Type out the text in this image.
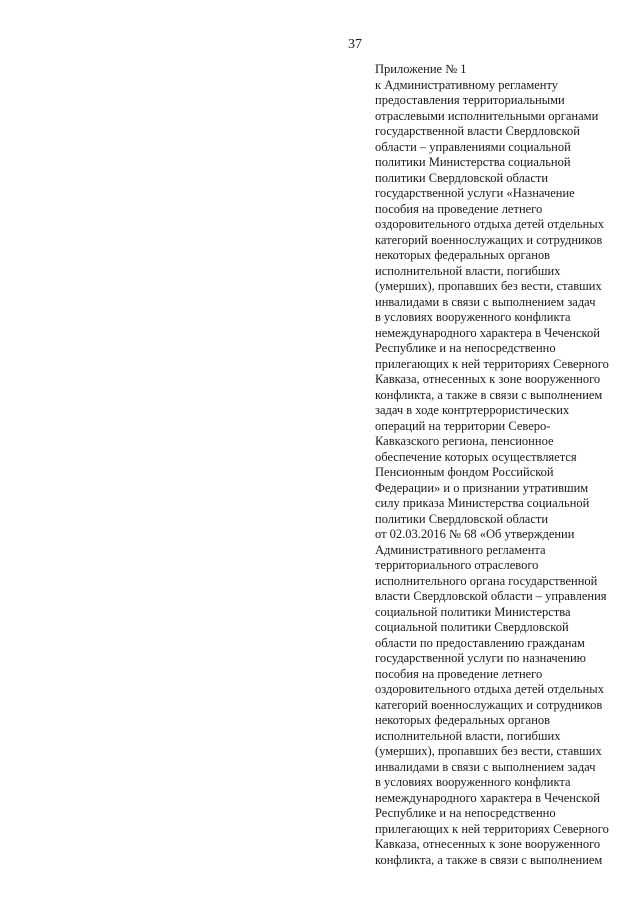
37
Приложение № 1
к Административному регламенту
предоставления территориальными
отраслевыми исполнительными органами
государственной власти Свердловской
области – управлениями социальной
политики Министерства социальной
политики Свердловской области
государственной услуги «Назначение
пособия на проведение летнего
оздоровительного отдыха детей отдельных
категорий военнослужащих и сотрудников
некоторых федеральных органов
исполнительной власти, погибших
(умерших), пропавших без вести, ставших
инвалидами в связи с выполнением задач
в условиях вооруженного конфликта
немеждународного характера в Чеченской
Республике и на непосредственно
прилегающих к ней территориях Северного
Кавказа, отнесенных к зоне вооруженного
конфликта, а также в связи с выполнением
задач в ходе контртеррористических
операций на территории Северо-
Кавказского региона, пенсионное
обеспечение которых осуществляется
Пенсионным фондом Российской
Федерации» и о признании утратившим
силу приказа Министерства социальной
политики Свердловской области
от 02.03.2016 № 68 «Об утверждении
Административного регламента
территориального отраслевого
исполнительного органа государственной
власти Свердловской области – управления
социальной политики Министерства
социальной политики Свердловской
области по предоставлению гражданам
государственной услуги по назначению
пособия на проведение летнего
оздоровительного отдыха детей отдельных
категорий военнослужащих и сотрудников
некоторых федеральных органов
исполнительной власти, погибших
(умерших), пропавших без вести, ставших
инвалидами в связи с выполнением задач
в условиях вооруженного конфликта
немеждународного характера в Чеченской
Республике и на непосредственно
прилегающих к ней территориях Северного
Кавказа, отнесенных к зоне вооруженного
конфликта, а также в связи с выполнением
